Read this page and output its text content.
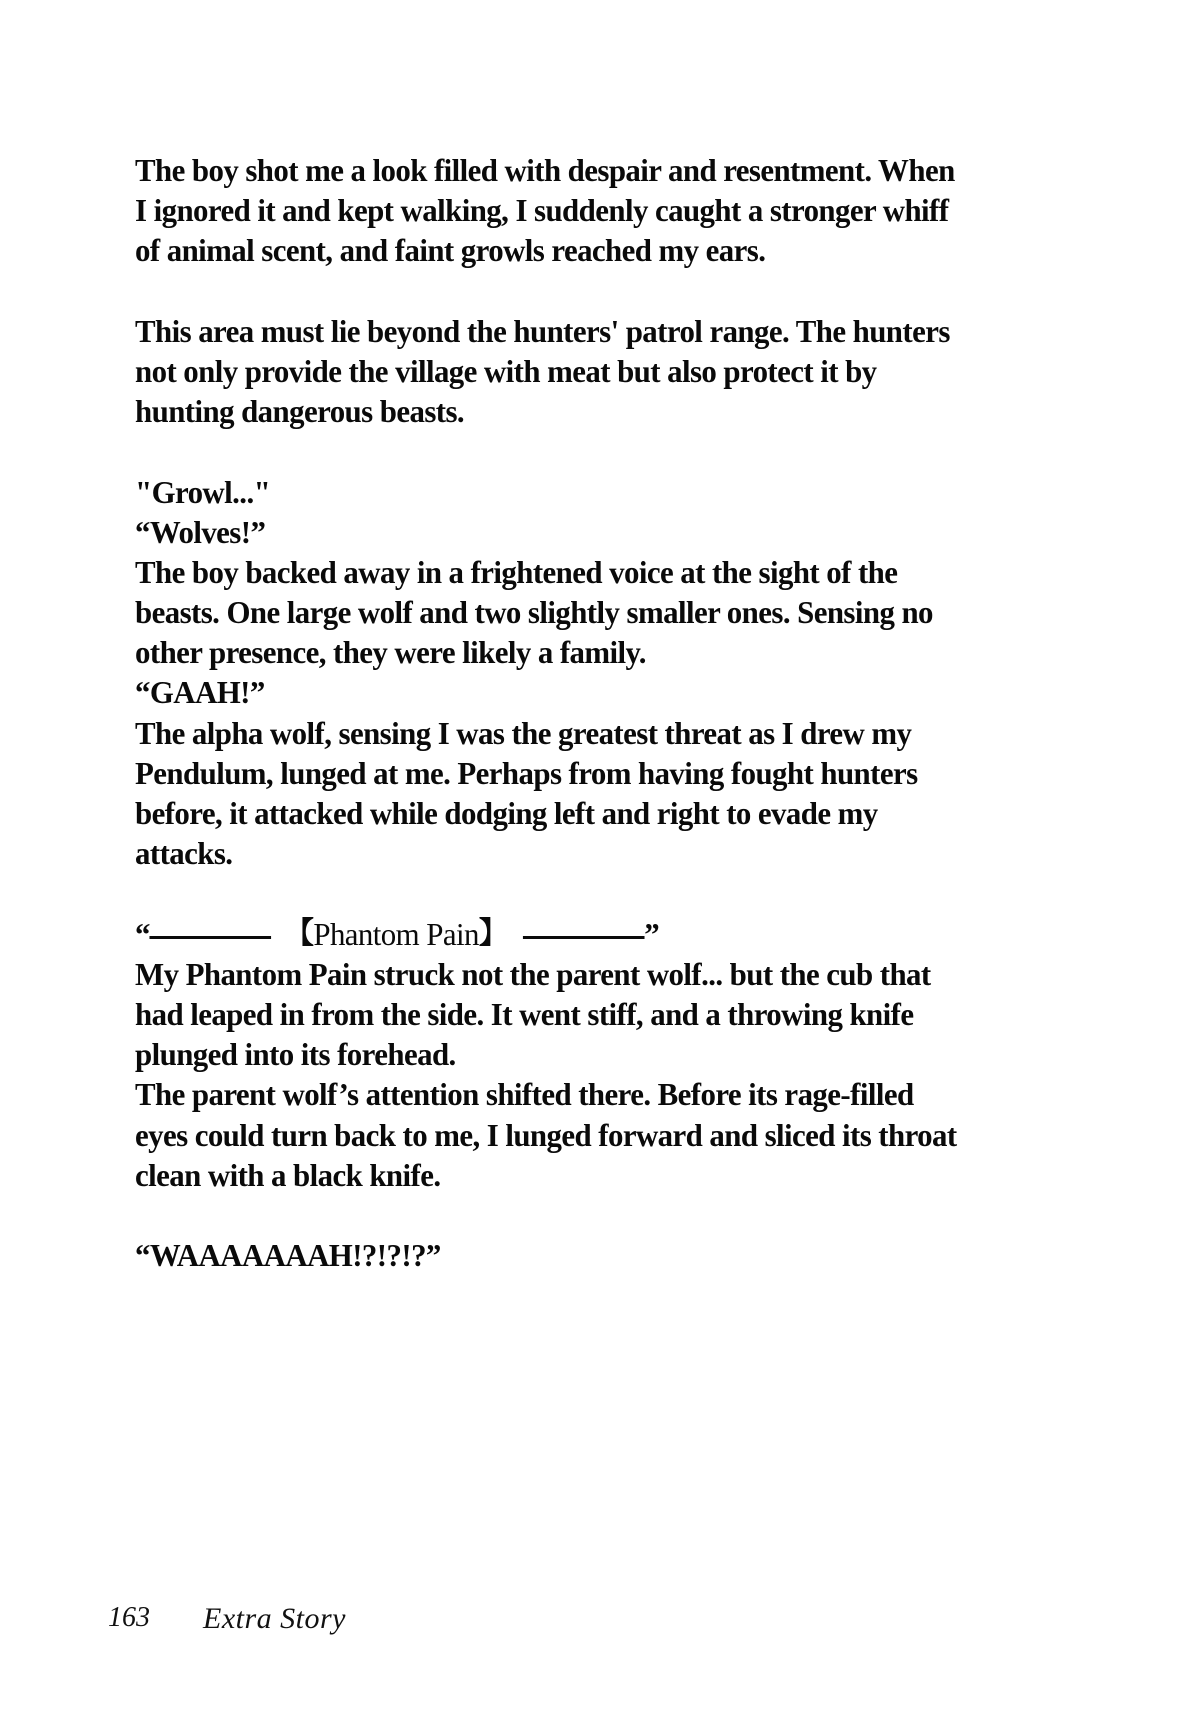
The boy shot me a look filled with despair and resentment. When
I ignored it and kept walking, I suddenly caught a stronger whiff
of animal scent, and faint growls reached my ears.
This area must lie beyond the hunters' patrol range. The hunters
not only provide the village with meat but also protect it by
hunting dangerous beasts.
"Growl..."
“Wolves!”
The boy backed away in a frightened voice at the sight of the
beasts. One large wolf and two slightly smaller ones. Sensing no
other presence, they were likely a family.
“GAAH!”
The alpha wolf, sensing I was the greatest threat as I drew my
Pendulum, lunged at me. Perhaps from having fought hunters
before, it attacked while dodging left and right to evade my
attacks.
“	【 Phantom Pain 】	”
My Phantom Pain struck not the parent wolf... but the cub that
had leaped in from the side. It went stiff, and a throwing knife
plunged into its forehead.
The parent wolf’s attention shifted there. Before its rage-filled
eyes could turn back to me, I lunged forward and sliced its throat
clean with a black knife.
“WAAAAAAAH!?!?!?”

163

Extra Story
